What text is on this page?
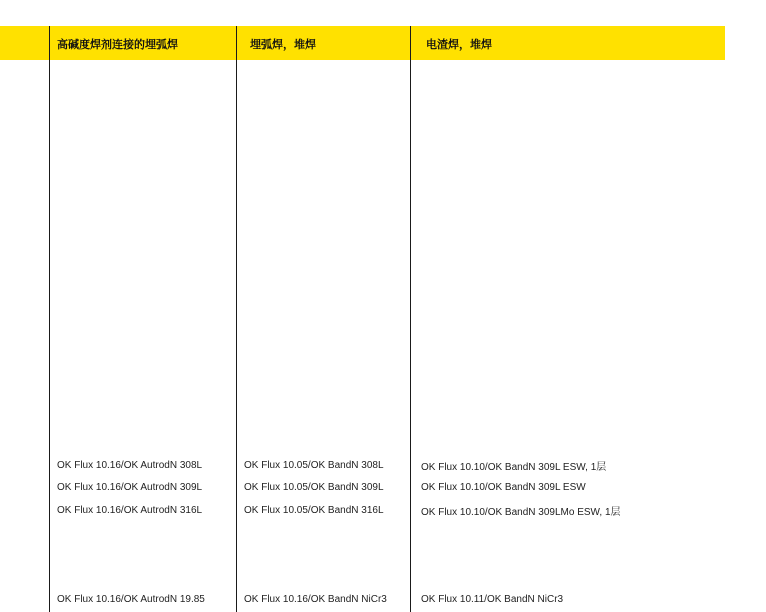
高碱度焊剂连接的埋弧焊	埋弧焊，堆焊	电渣焊，堆焊
OK Flux 10.16/OK AutrodN 308L	OK Flux 10.05/OK BandN 308L	OK Flux 10.10/OK BandN 309L ESW, 1层
OK Flux 10.16/OK AutrodN 309L	OK Flux 10.05/OK BandN 309L	OK Flux 10.10/OK BandN 309L ESW
OK Flux 10.16/OK AutrodN 316L	OK Flux 10.05/OK BandN 316L	OK Flux 10.10/OK BandN 309LMo ESW, 1层
OK Flux 10.16/OK AutrodN 19.85	OK Flux 10.16/OK BandN NiCr3	OK Flux 10.11/OK BandN NiCr3
